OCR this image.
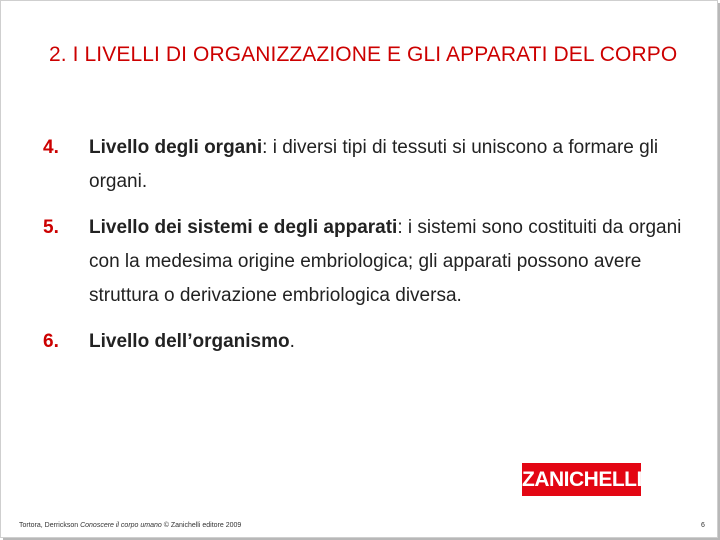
2. I LIVELLI DI ORGANIZZAZIONE E GLI APPARATI DEL CORPO
4. Livello degli organi: i diversi tipi di tessuti si uniscono a formare gli organi.
5. Livello dei sistemi e degli apparati: i sistemi sono costituiti da organi con la medesima origine embriologica; gli apparati possono avere struttura o derivazione embriologica diversa.
6. Livello dell’organismo.
ZANICHELLI
Tortora, Derrickson Conoscere il corpo umano © Zanichelli editore 2009	6
